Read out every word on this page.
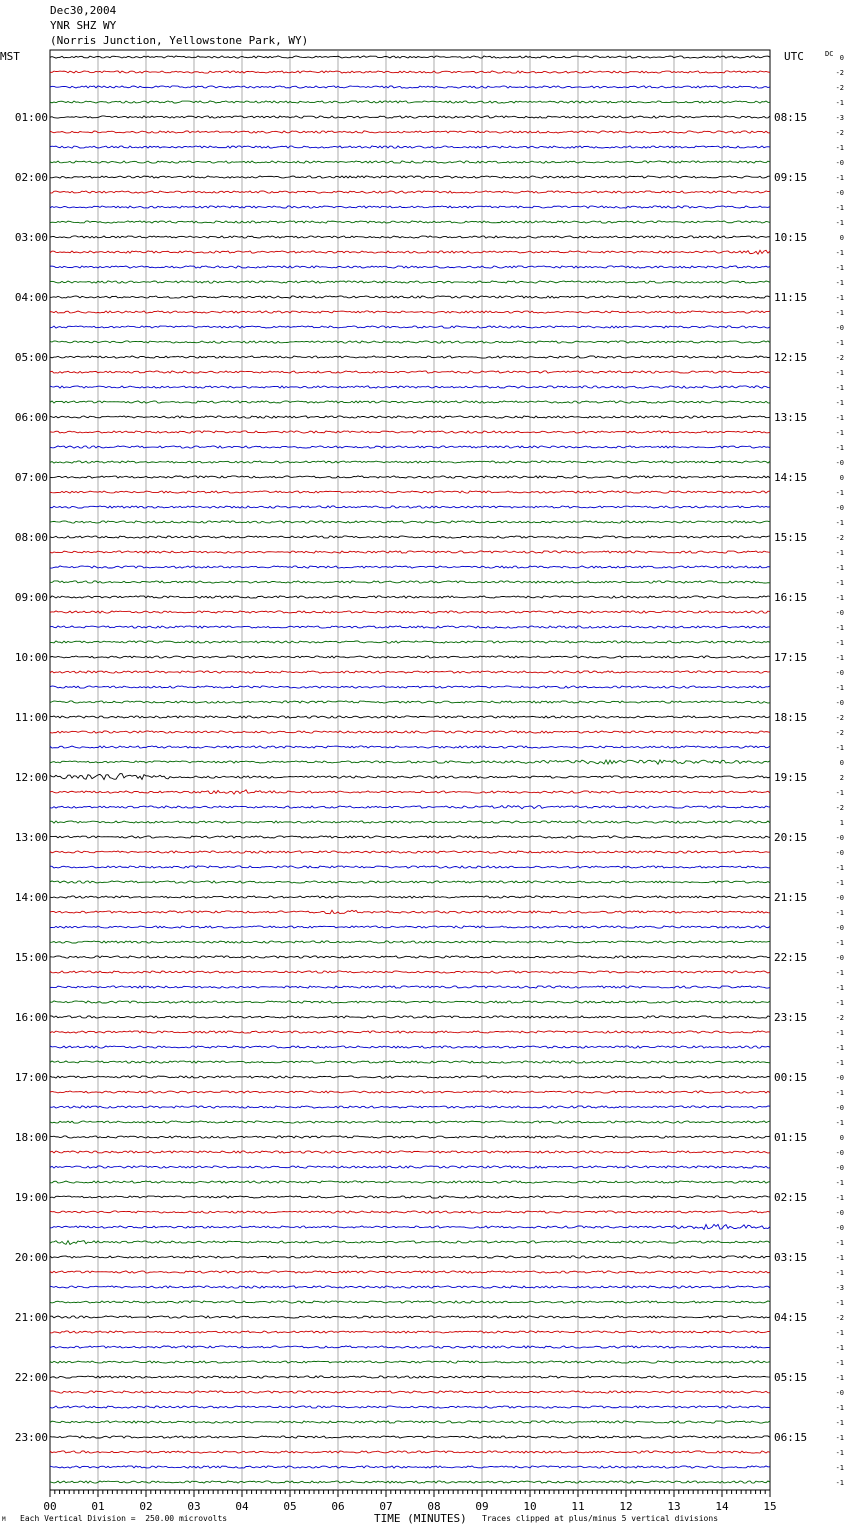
Dec30,2004
YNR SHZ WY
(Norris Junction, Yellowstone Park, WY)
0
-2
-2
-1
-3
-2
-1
-0
-1
-0
-1
-1
0
-1
-1
-1
-1
-1
-0
-1
-2
-1
-1
-1
-1
-1
-1
-0
0
-1
-0
-1
-2
-1
-1
-1
-1
-0
-1
-1
-1
-0
-1
-0
-2
-2
-1
0
2
-1
-2
1
-0
-0
-1
-1
-0
-1
-0
-1
-0
-1
-1
-1
-2
-1
-1
-1
-0
-1
-0
-1
0
-0
-0
-1
-1
-0
-0
-1
-1
-1
-3
-1
-2
-1
-1
-1
-1
-0
-1
-1
-1
-1
-1
-1
MST	UTC	DC
01:00
02:00
03:00
04:00
05:00
06:00
07:00
08:00
09:00
10:00
11:00
12:00
13:00
14:00
15:00
16:00
17:00
18:00
19:00
20:00
21:00
22:00
23:00
08:15
09:15
10:15
11:15
12:15
13:15
14:15
15:15
16:15
17:15
18:15
19:15
20:15
21:15
22:15
23:15
00:15
01:15
02:15
03:15
04:15
05:15
06:15
00	01	02	03	04	05	06	07	08	09	10	11	12	13	14	15
M Each Vertical Division =  250.00 microvolts	TIME (MINUTES) Traces clipped at plus/minus 5 vertical divisions
